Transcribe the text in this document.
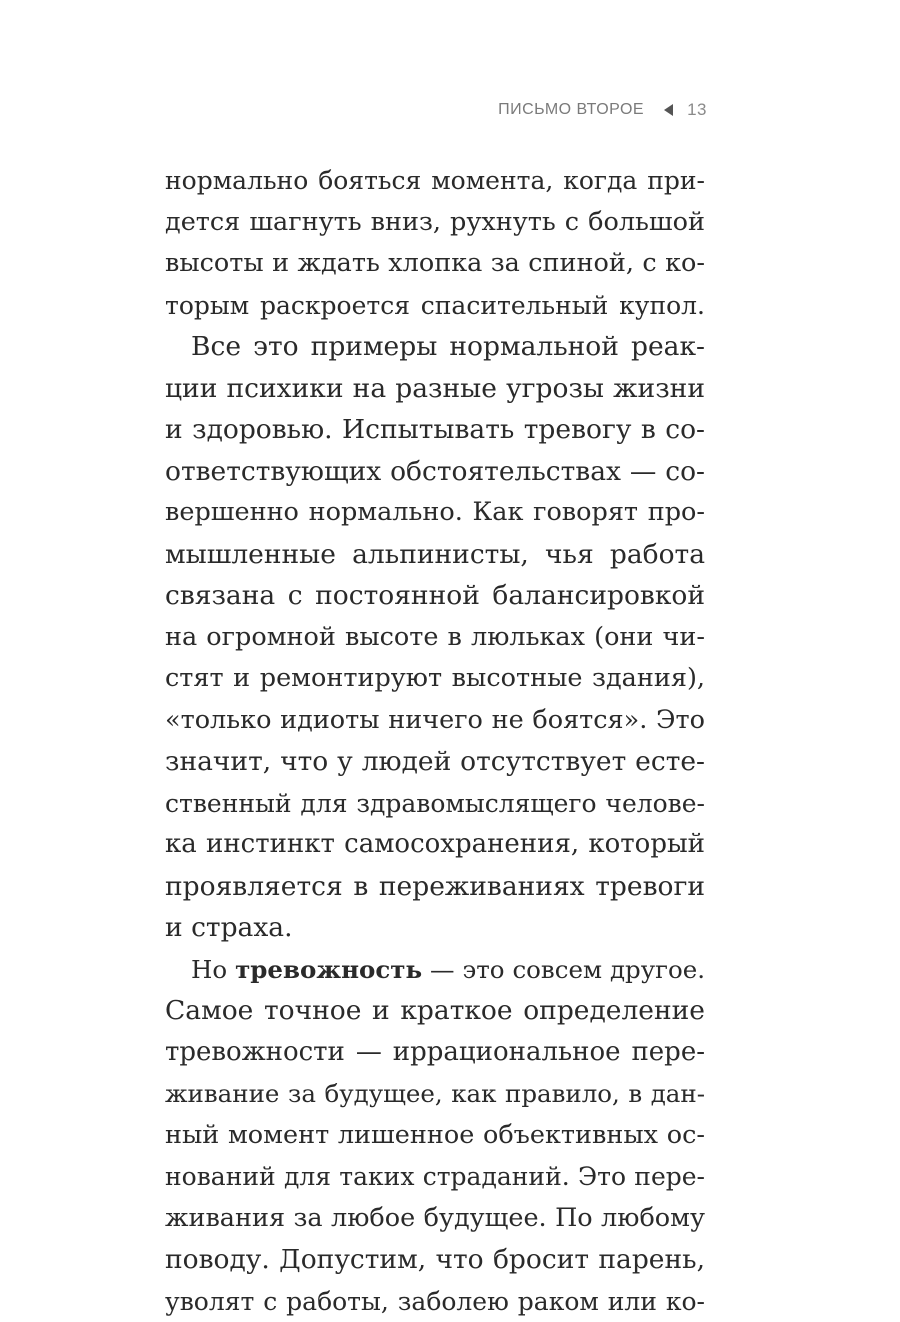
ПИСЬМО ВТОРОЕ	13
нормально бояться момента, когда при-
дется шагнуть вниз, рухнуть с большой
высоты и ждать хлопка за спиной, с ко-
торым раскроется спасительный купол.
Все это примеры нормальной реак-
ции психики на разные угрозы жизни
и здоровью. Испытывать тревогу в со-
ответствующих обстоятельствах — со-
вершенно нормально. Как говорят про-
мышленные альпинисты, чья работа
связана с постоянной балансировкой
на огромной высоте в люльках (они чи-
стят и ремонтируют высотные здания),
«только идиоты ничего не боятся». Это
значит, что у людей отсутствует есте-
ственный для здравомыслящего челове-
ка инстинкт самосохранения, который
проявляется в переживаниях тревоги
и страха.
Но тревожность — это совсем другое.
Самое точное и краткое определение
тревожности — иррациональное пере-
живание за будущее, как правило, в дан-
ный момент лишенное объективных ос-
нований для таких страданий. Это пере-
живания за любое будущее. По любому
поводу. Допустим, что бросит парень,
уволят с работы, заболею раком или ко-
